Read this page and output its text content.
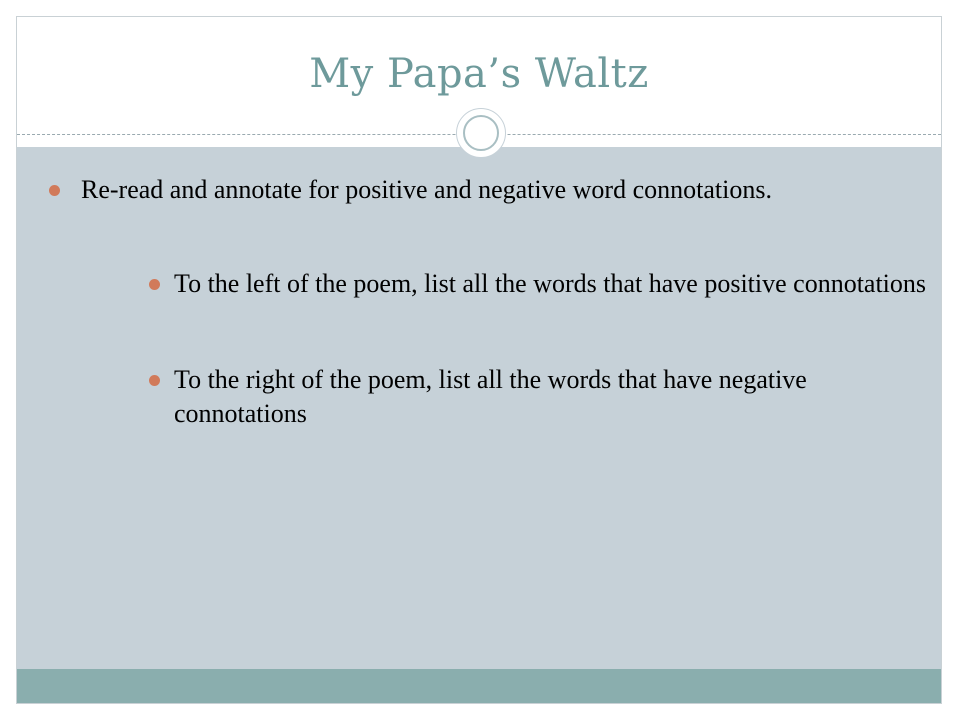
My Papa’s Waltz
Re-read and annotate for positive and negative word connotations.
To the left of the poem, list all the words that have positive connotations
To the right of the poem, list all the words that have negative connotations
